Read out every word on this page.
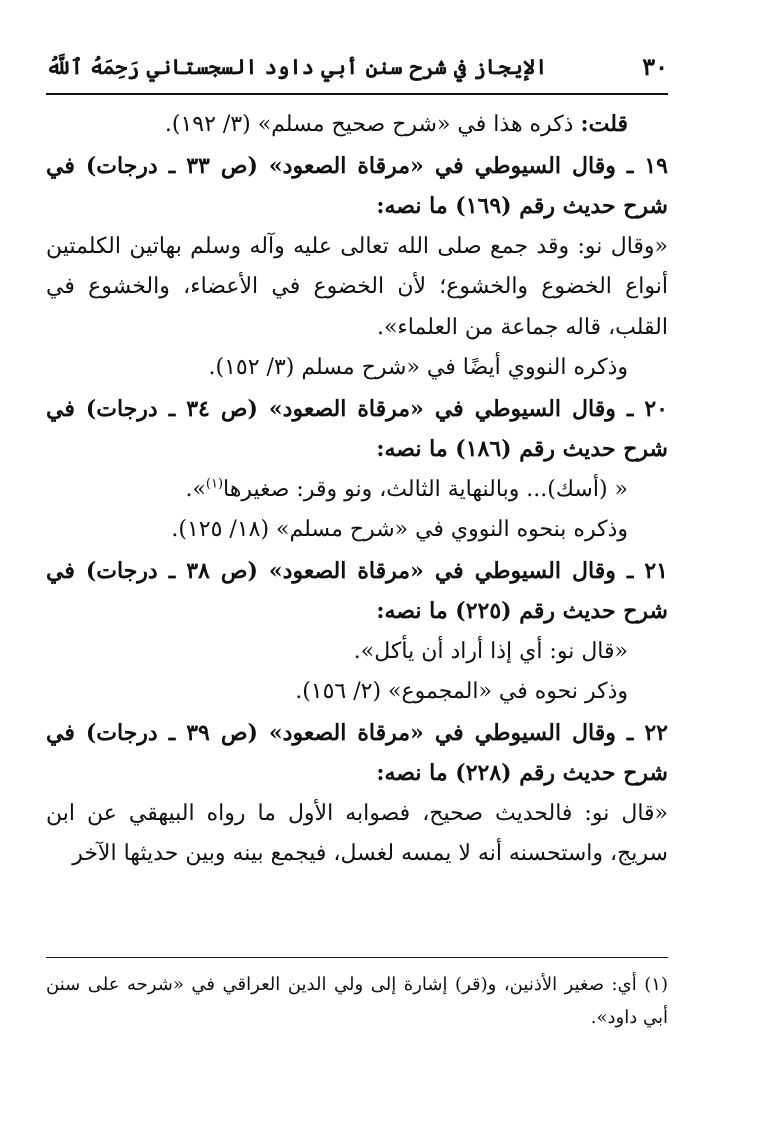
٣٠
الإيجاز في شرح سنن أبي داود السجستاني رَحِمَهُ ٱللَّهُ

قلت: ذكره هذا في «شرح صحيح مسلم» (٣/ ١٩٢).

١٩ ـ وقال السيوطي في «مرقاة الصعود» (ص ٣٣ ـ درجات) في شرح حديث رقم (١٦٩) ما نصه:

«وقال نو: وقد جمع صلى الله تعالى عليه وآله وسلم بهاتين الكلمتين أنواع الخضوع والخشوع؛ لأن الخضوع في الأعضاء، والخشوع في القلب، قاله جماعة من العلماء».

وذكره النووي أيضًا في «شرح مسلم (٣/ ١٥٢).

٢٠ ـ وقال السيوطي في «مرقاة الصعود» (ص ٣٤ ـ درجات) في شرح حديث رقم (١٨٦) ما نصه:

« (أسك)... وبالنهاية الثالث، ونو وقر: صغيرها$^{(١)}$».

وذكره بنحوه النووي في «شرح مسلم» (١٨/ ١٢٥).

٢١ ـ وقال السيوطي في «مرقاة الصعود» (ص ٣٨ ـ درجات) في شرح حديث رقم (٢٢٥) ما نصه:

«قال نو: أي إذا أراد أن يأكل».

وذكر نحوه في «المجموع» (٢/ ١٥٦).

٢٢ ـ وقال السيوطي في «مرقاة الصعود» (ص ٣٩ ـ درجات) في شرح حديث رقم (٢٢٨) ما نصه:

«قال نو: فالحديث صحيح، فصوابه الأول ما رواه البيهقي عن ابن سريج، واستحسنه أنه لا يمسه لغسل، فيجمع بينه وبين حديثها الآخر

(١) أي: صغير الأذنين، و(قر) إشارة إلى ولي الدين العراقي في «شرحه على سنن أبي داود».
